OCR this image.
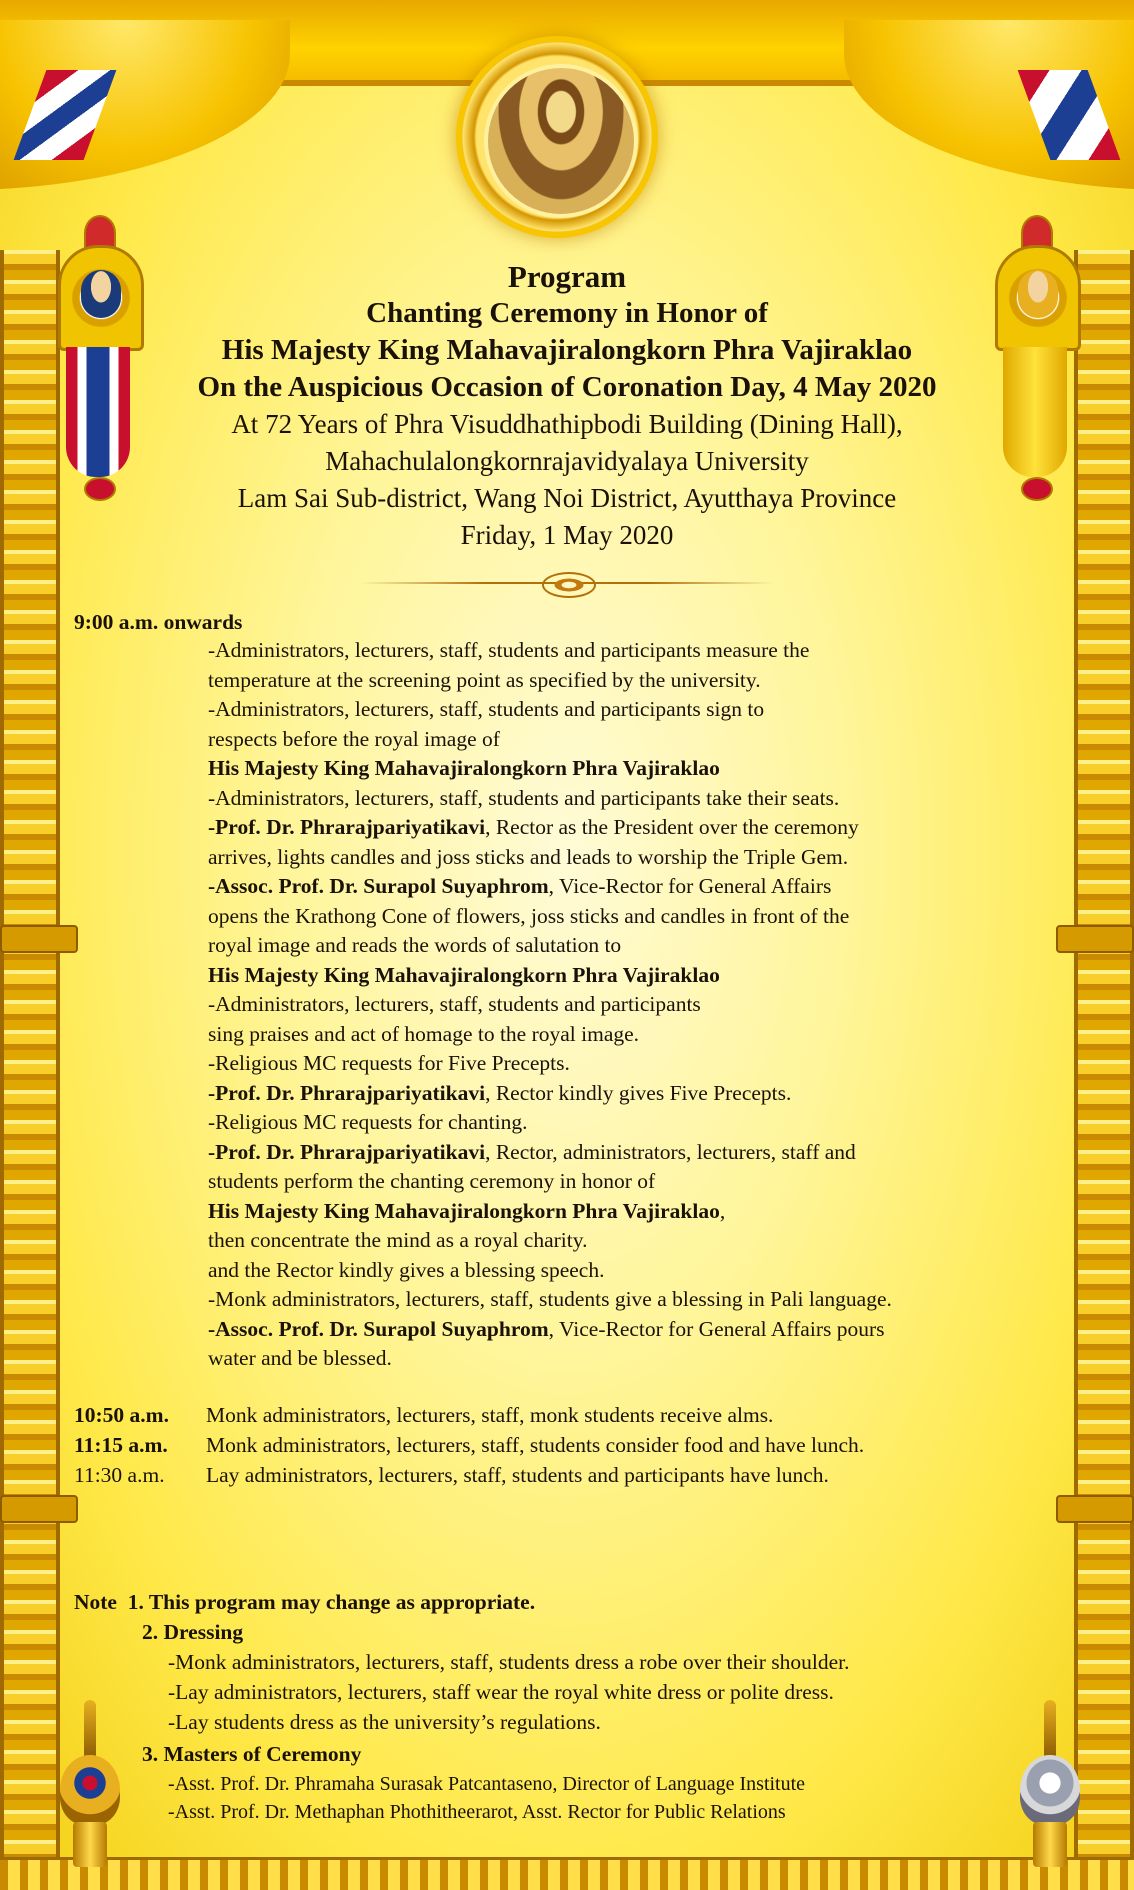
Program
Chanting Ceremony in Honor of
His Majesty King Mahavajiralongkorn Phra Vajiraklao
On the Auspicious Occasion of Coronation Day, 4 May 2020
At 72 Years of Phra Visuddhathipbodi Building (Dining Hall),
Mahachulalongkornrajavidyalaya University
Lam Sai Sub-district, Wang Noi District, Ayutthaya Province
Friday, 1 May 2020
9:00 a.m. onwards
-Administrators, lecturers, staff, students and participants measure the
temperature at the screening point as specified by the university.
-Administrators, lecturers, staff, students and participants sign to
respects before the royal image of
His Majesty King Mahavajiralongkorn Phra Vajiraklao
-Administrators, lecturers, staff, students and participants take their seats.
-Prof. Dr. Phrarajpariyatikavi, Rector as the President over the ceremony
arrives, lights candles and joss sticks and leads to worship the Triple Gem.
-Assoc. Prof. Dr. Surapol Suyaphrom, Vice-Rector for General Affairs
opens the Krathong Cone of flowers, joss sticks and candles in front of the
royal image and reads the words of salutation to
His Majesty King Mahavajiralongkorn Phra Vajiraklao
-Administrators, lecturers, staff, students and participants
sing praises and act of homage to the royal image.
-Religious MC requests for Five Precepts.
-Prof. Dr. Phrarajpariyatikavi, Rector kindly gives Five Precepts.
-Religious MC requests for chanting.
-Prof. Dr. Phrarajpariyatikavi, Rector, administrators, lecturers, staff and
students perform the chanting ceremony in honor of
His Majesty King Mahavajiralongkorn Phra Vajiraklao,
then concentrate the mind as a royal charity.
and the Rector kindly gives a blessing speech.
-Monk administrators, lecturers, staff, students give a blessing in Pali language.
-Assoc. Prof. Dr. Surapol Suyaphrom, Vice-Rector for General Affairs pours
water and be blessed.
10:50 a.m. Monk administrators, lecturers, staff, monk students receive alms.
11:15 a.m. Monk administrators, lecturers, staff, students consider food and have lunch.
11:30 a.m. Lay administrators, lecturers, staff, students and participants have lunch.
Note 1. This program may change as appropriate.
2. Dressing
-Monk administrators, lecturers, staff, students dress a robe over their shoulder.
-Lay administrators, lecturers, staff wear the royal white dress or polite dress.
-Lay students dress as the university’s regulations.
3. Masters of Ceremony
-Asst. Prof. Dr. Phramaha Surasak Patcantaseno, Director of Language Institute
-Asst. Prof. Dr. Methaphan Phothitheerarot, Asst. Rector for Public Relations
